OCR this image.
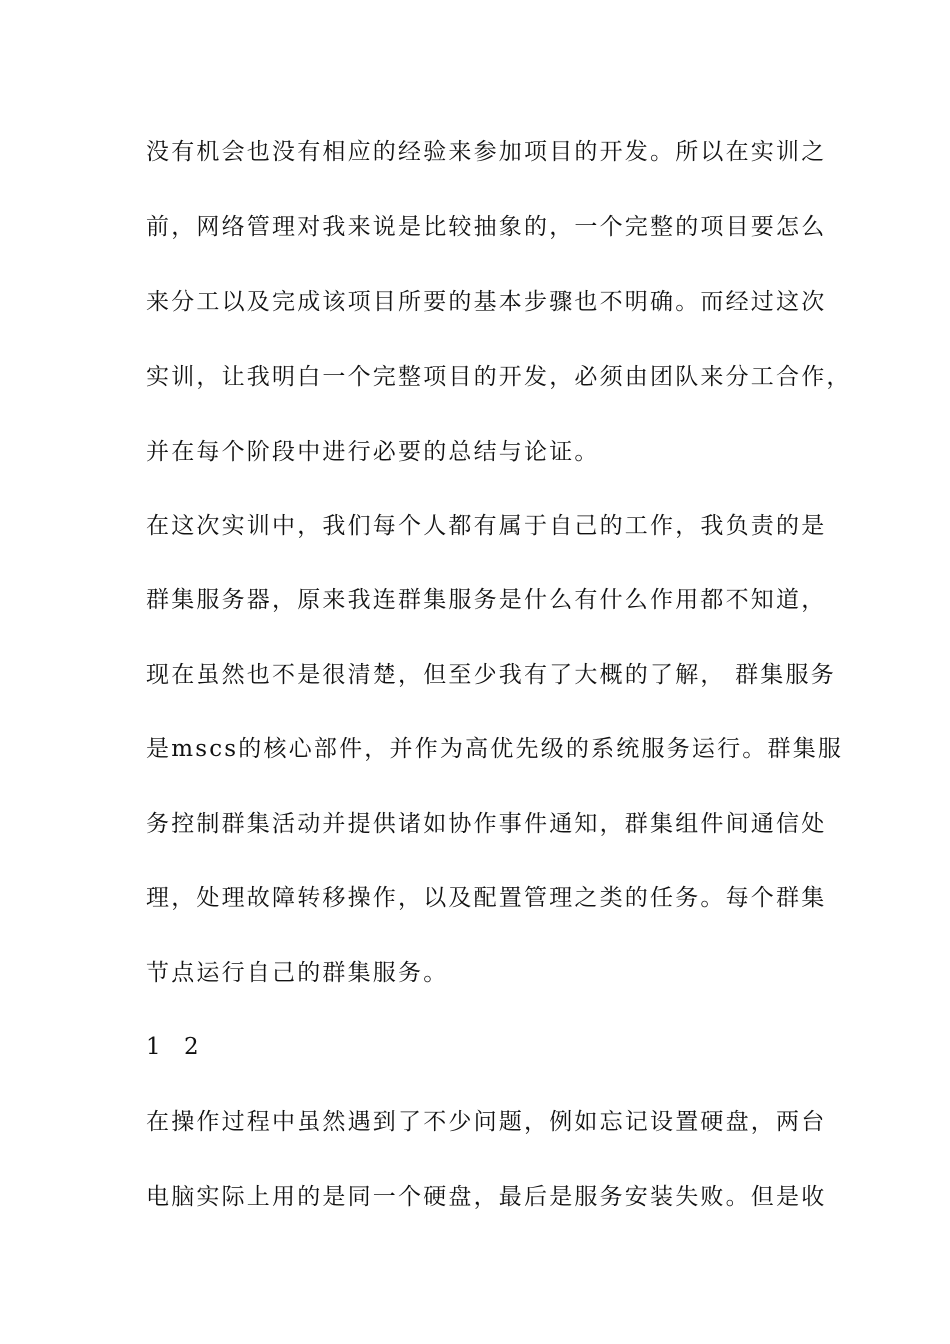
没有机会也没有相应的经验来参加项目的开发。所以在实训之
前，网络管理对我来说是比较抽象的，一个完整的项目要怎么
来分工以及完成该项目所要的基本步骤也不明确。而经过这次
实训，让我明白一个完整项目的开发，必须由团队来分工合作，
并在每个阶段中进行必要的总结与论证。
在这次实训中，我们每个人都有属于自己的工作，我负责的是
群集服务器，原来我连群集服务是什么有什么作用都不知道，
现在虽然也不是很清楚，但至少我有了大概的了解， 群集服务
是mscs的核心部件，并作为高优先级的系统服务运行。群集服
务控制群集活动并提供诸如协作事件通知，群集组件间通信处
理，处理故障转移操作，以及配置管理之类的任务。每个群集
节点运行自己的群集服务。
1 2
在操作过程中虽然遇到了不少问题，例如忘记设置硬盘，两台
电脑实际上用的是同一个硬盘，最后是服务安装失败。但是收
